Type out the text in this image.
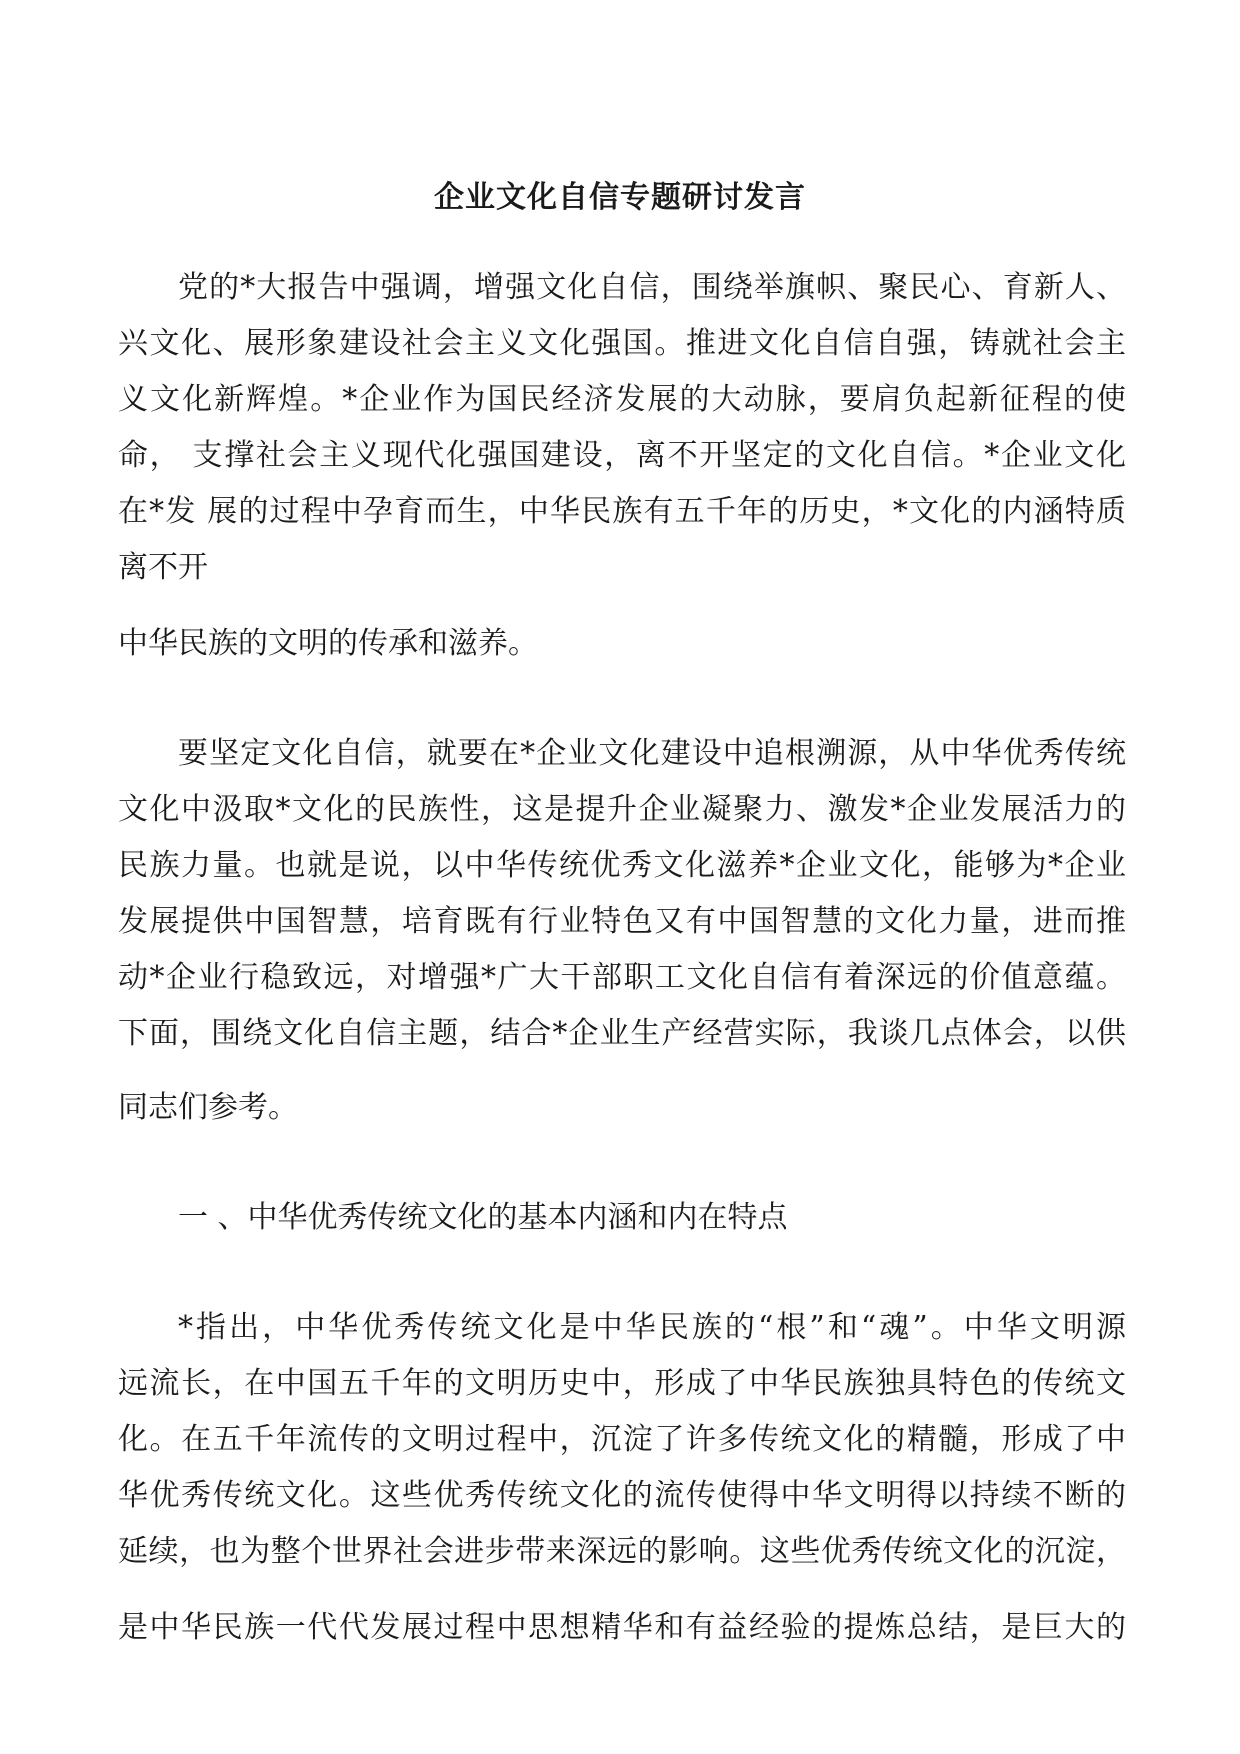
企业文化自信专题研讨发言
党的*大报告中强调，增强文化自信，围绕举旗帜、聚民心、育新人、
兴文化、展形象建设社会主义文化强国。推进文化自信自强，铸就社会主
义文化新辉煌。*企业作为国民经济发展的大动脉，要肩负起新征程的使
命， 支撑社会主义现代化强国建设，离不开坚定的文化自信。*企业文化
在*发 展的过程中孕育而生，中华民族有五千年的历史，*文化的内涵特质
离不开
中华民族的文明的传承和滋养。
要坚定文化自信，就要在*企业文化建设中追根溯源，从中华优秀传统
文化中汲取*文化的民族性，这是提升企业凝聚力、激发*企业发展活力的
民族力量。也就是说，以中华传统优秀文化滋养*企业文化，能够为*企业
发展提供中国智慧，培育既有行业特色又有中国智慧的文化力量，进而推
动*企业行稳致远，对增强*广大干部职工文化自信有着深远的价值意蕴。
下面，围绕文化自信主题，结合*企业生产经营实际，我谈几点体会，以供
同志们参考。
一 、中华优秀传统文化的基本内涵和内在特点
*指出，中华优秀传统文化是中华民族的“根”和“魂”。中华文明源
远流长，在中国五千年的文明历史中，形成了中华民族独具特色的传统文
化。在五千年流传的文明过程中，沉淀了许多传统文化的精髓，形成了中
华优秀传统文化。这些优秀传统文化的流传使得中华文明得以持续不断的
延续，也为整个世界社会进步带来深远的影响。这些优秀传统文化的沉淀，
是中华民族一代代发展过程中思想精华和有益经验的提炼总结，是巨大的
